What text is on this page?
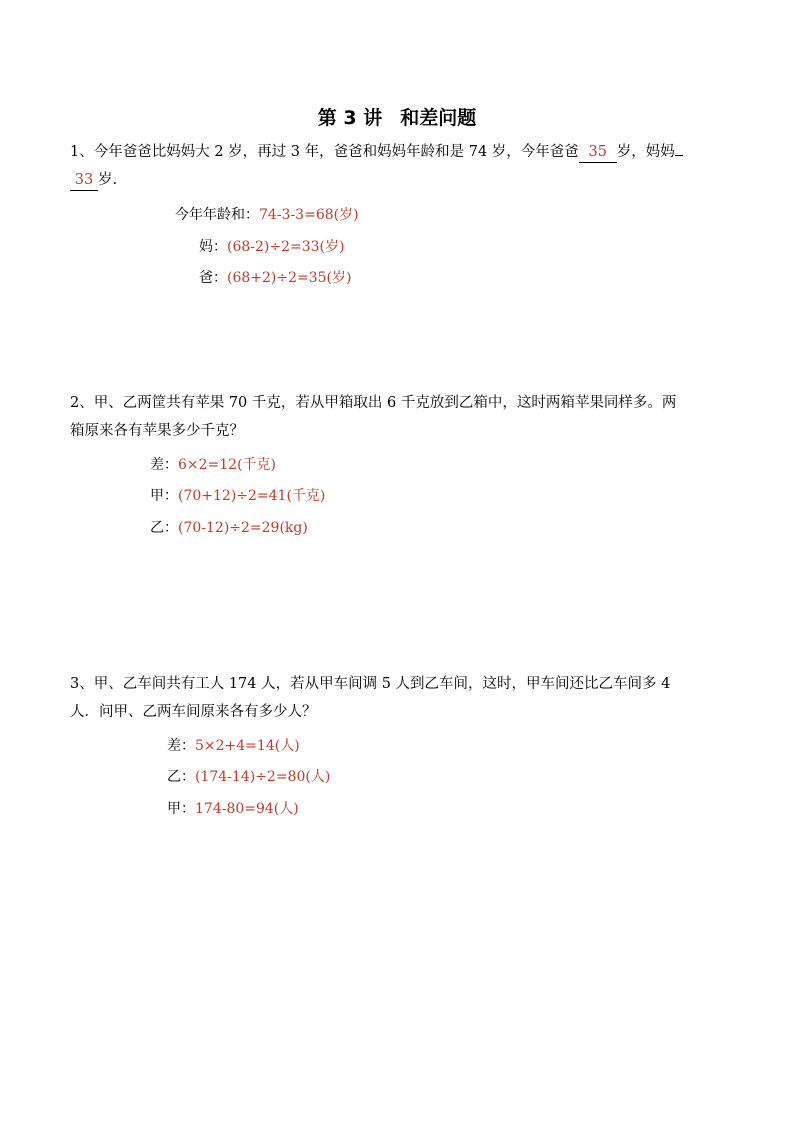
第 3 讲 和差问题
1、今年爸爸比妈妈大 2 岁，再过 3 年，爸爸和妈妈年龄和是 74 岁，今年爸爸 35 岁，妈妈
33 岁.
今年年龄和：74-3-3=68(岁)
妈：(68-2)÷2=33(岁)
爸：(68+2)÷2=35(岁)
2、甲、乙两筐共有苹果 70 千克，若从甲箱取出 6 千克放到乙箱中，这时两箱苹果同样多。两
箱原来各有苹果多少千克？
差：6×2=12(千克)
甲：(70+12)÷2=41(千克)
乙：(70-12)÷2=29(kg)
3、甲、乙车间共有工人 174 人，若从甲车间调 5 人到乙车间，这时，甲车间还比乙车间多 4
人．问甲、乙两车间原来各有多少人？
差：5×2+4=14(人)
乙：(174-14)÷2=80(人)
甲：174-80=94(人)
